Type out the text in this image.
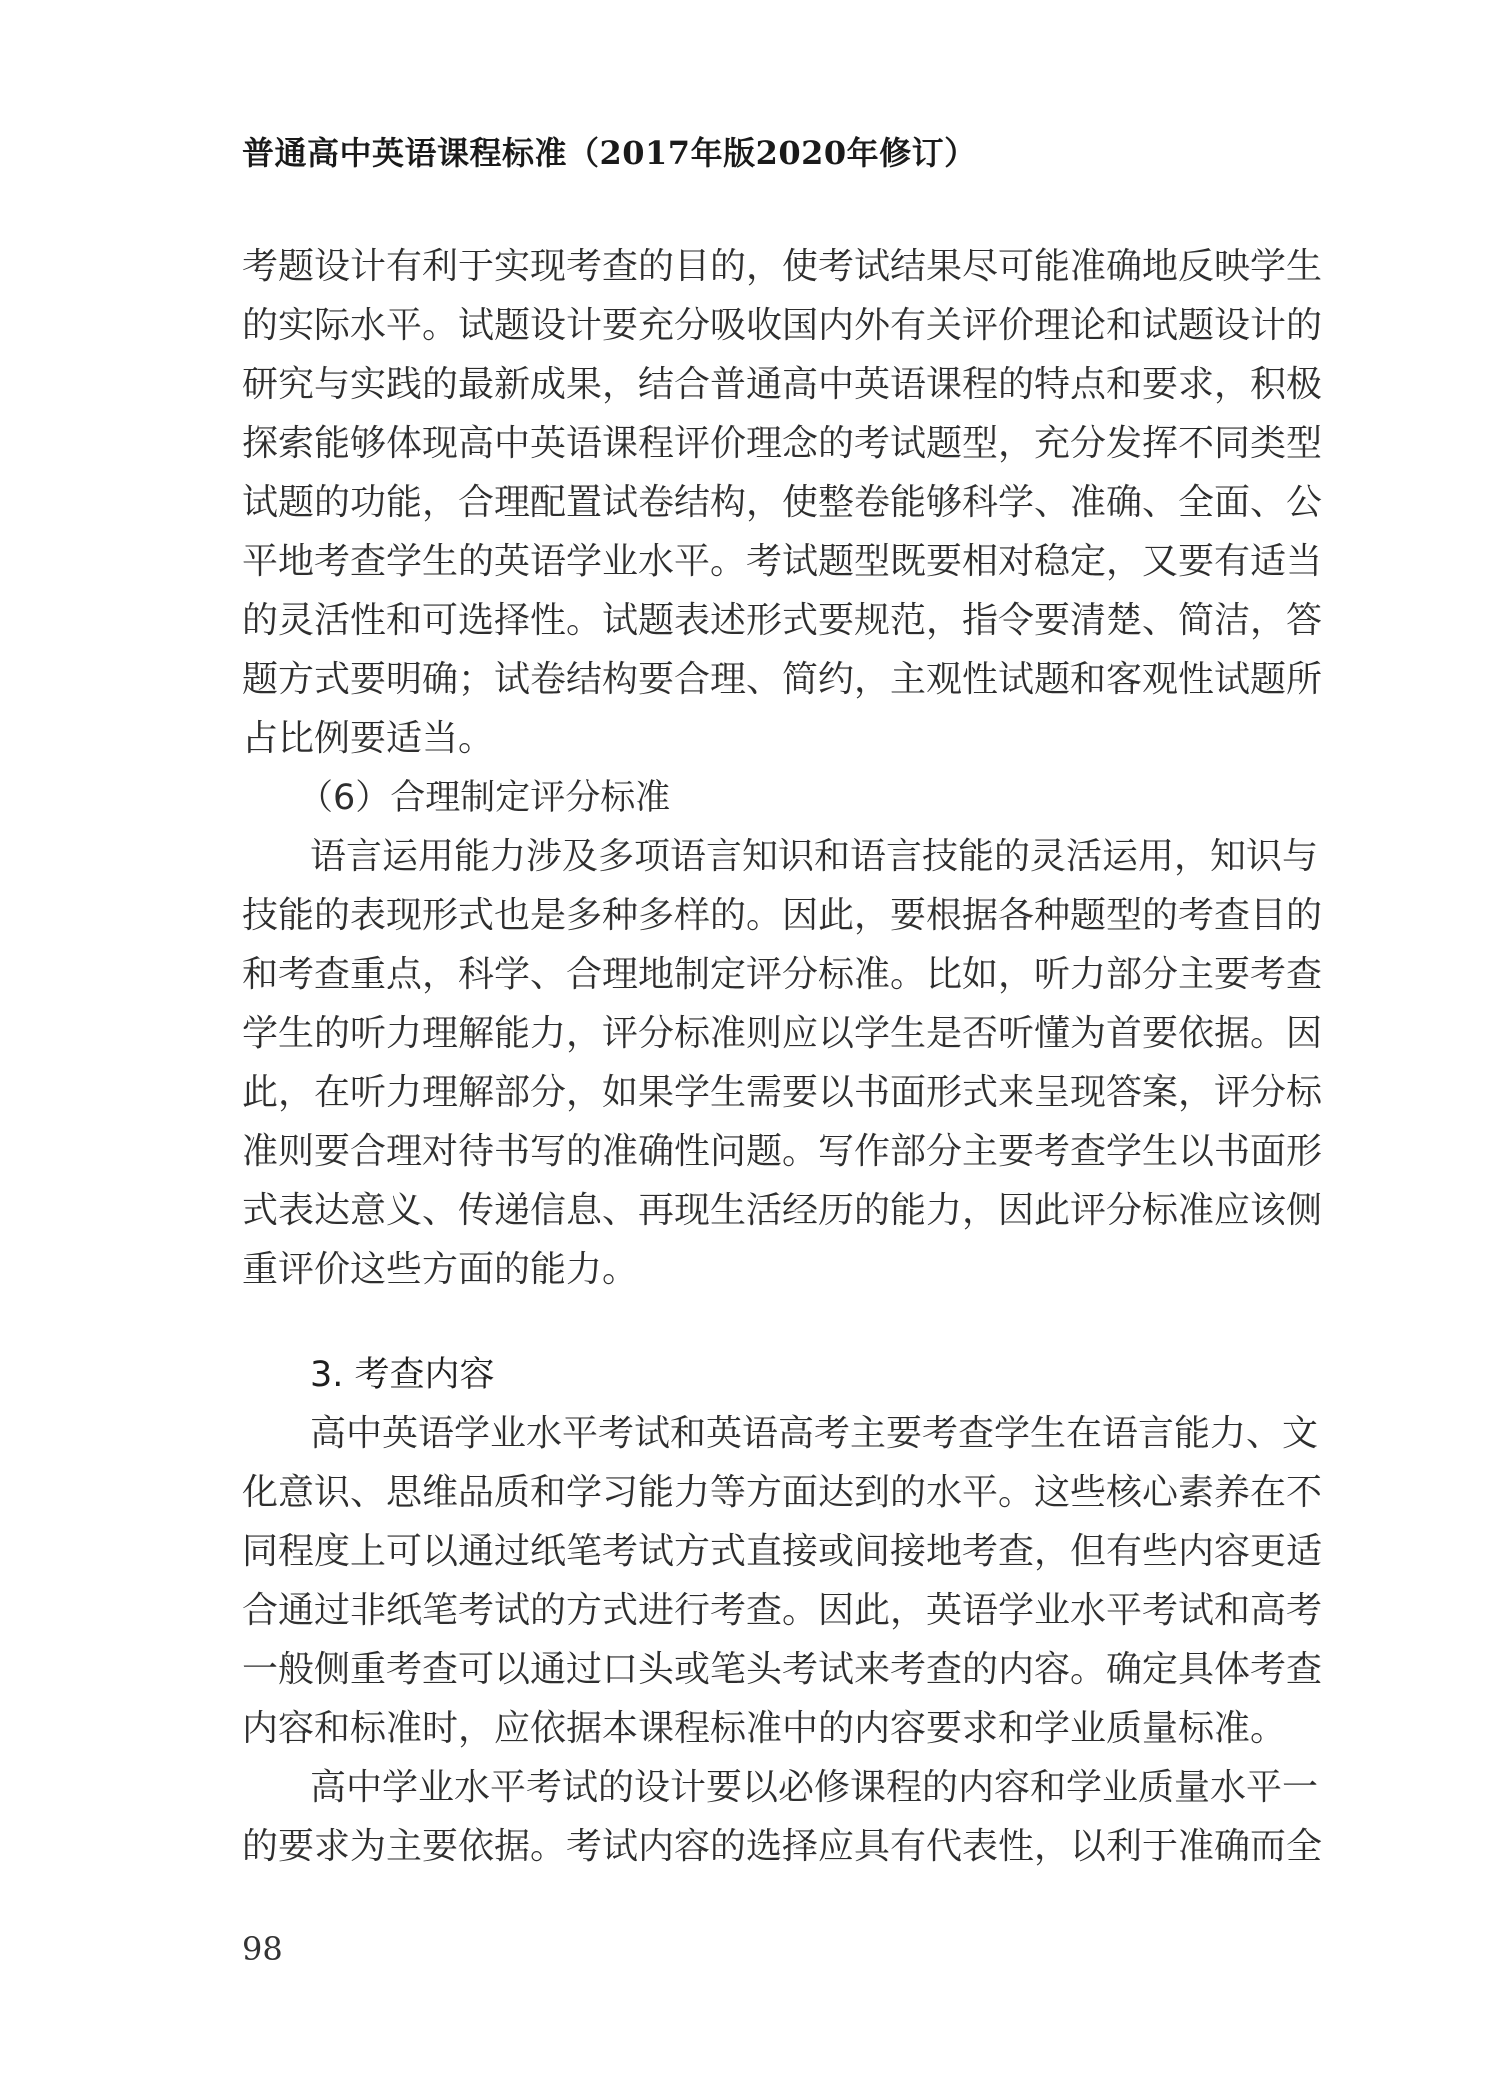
普通高中英语课程标准（2017年版2020年修订）
考题设计有利于实现考查的目的，使考试结果尽可能准确地反映学生
的实际水平。试题设计要充分吸收国内外有关评价理论和试题设计的
研究与实践的最新成果，结合普通高中英语课程的特点和要求，积极
探索能够体现高中英语课程评价理念的考试题型，充分发挥不同类型
试题的功能，合理配置试卷结构，使整卷能够科学、准确、全面、公
平地考查学生的英语学业水平。考试题型既要相对稳定，又要有适当
的灵活性和可选择性。试题表述形式要规范，指令要清楚、简洁，答
题方式要明确；试卷结构要合理、简约，主观性试题和客观性试题所
占比例要适当。
（6）合理制定评分标准
语言运用能力涉及多项语言知识和语言技能的灵活运用，知识与
技能的表现形式也是多种多样的。因此，要根据各种题型的考查目的
和考查重点，科学、合理地制定评分标准。比如，听力部分主要考查
学生的听力理解能力，评分标准则应以学生是否听懂为首要依据。因
此，在听力理解部分，如果学生需要以书面形式来呈现答案，评分标
准则要合理对待书写的准确性问题。写作部分主要考查学生以书面形
式表达意义、传递信息、再现生活经历的能力，因此评分标准应该侧
重评价这些方面的能力。
3. 考查内容
高中英语学业水平考试和英语高考主要考查学生在语言能力、文
化意识、思维品质和学习能力等方面达到的水平。这些核心素养在不
同程度上可以通过纸笔考试方式直接或间接地考查，但有些内容更适
合通过非纸笔考试的方式进行考查。因此，英语学业水平考试和高考
一般侧重考查可以通过口头或笔头考试来考查的内容。确定具体考查
内容和标准时，应依据本课程标准中的内容要求和学业质量标准。
高中学业水平考试的设计要以必修课程的内容和学业质量水平一
的要求为主要依据。考试内容的选择应具有代表性，以利于准确而全
98
